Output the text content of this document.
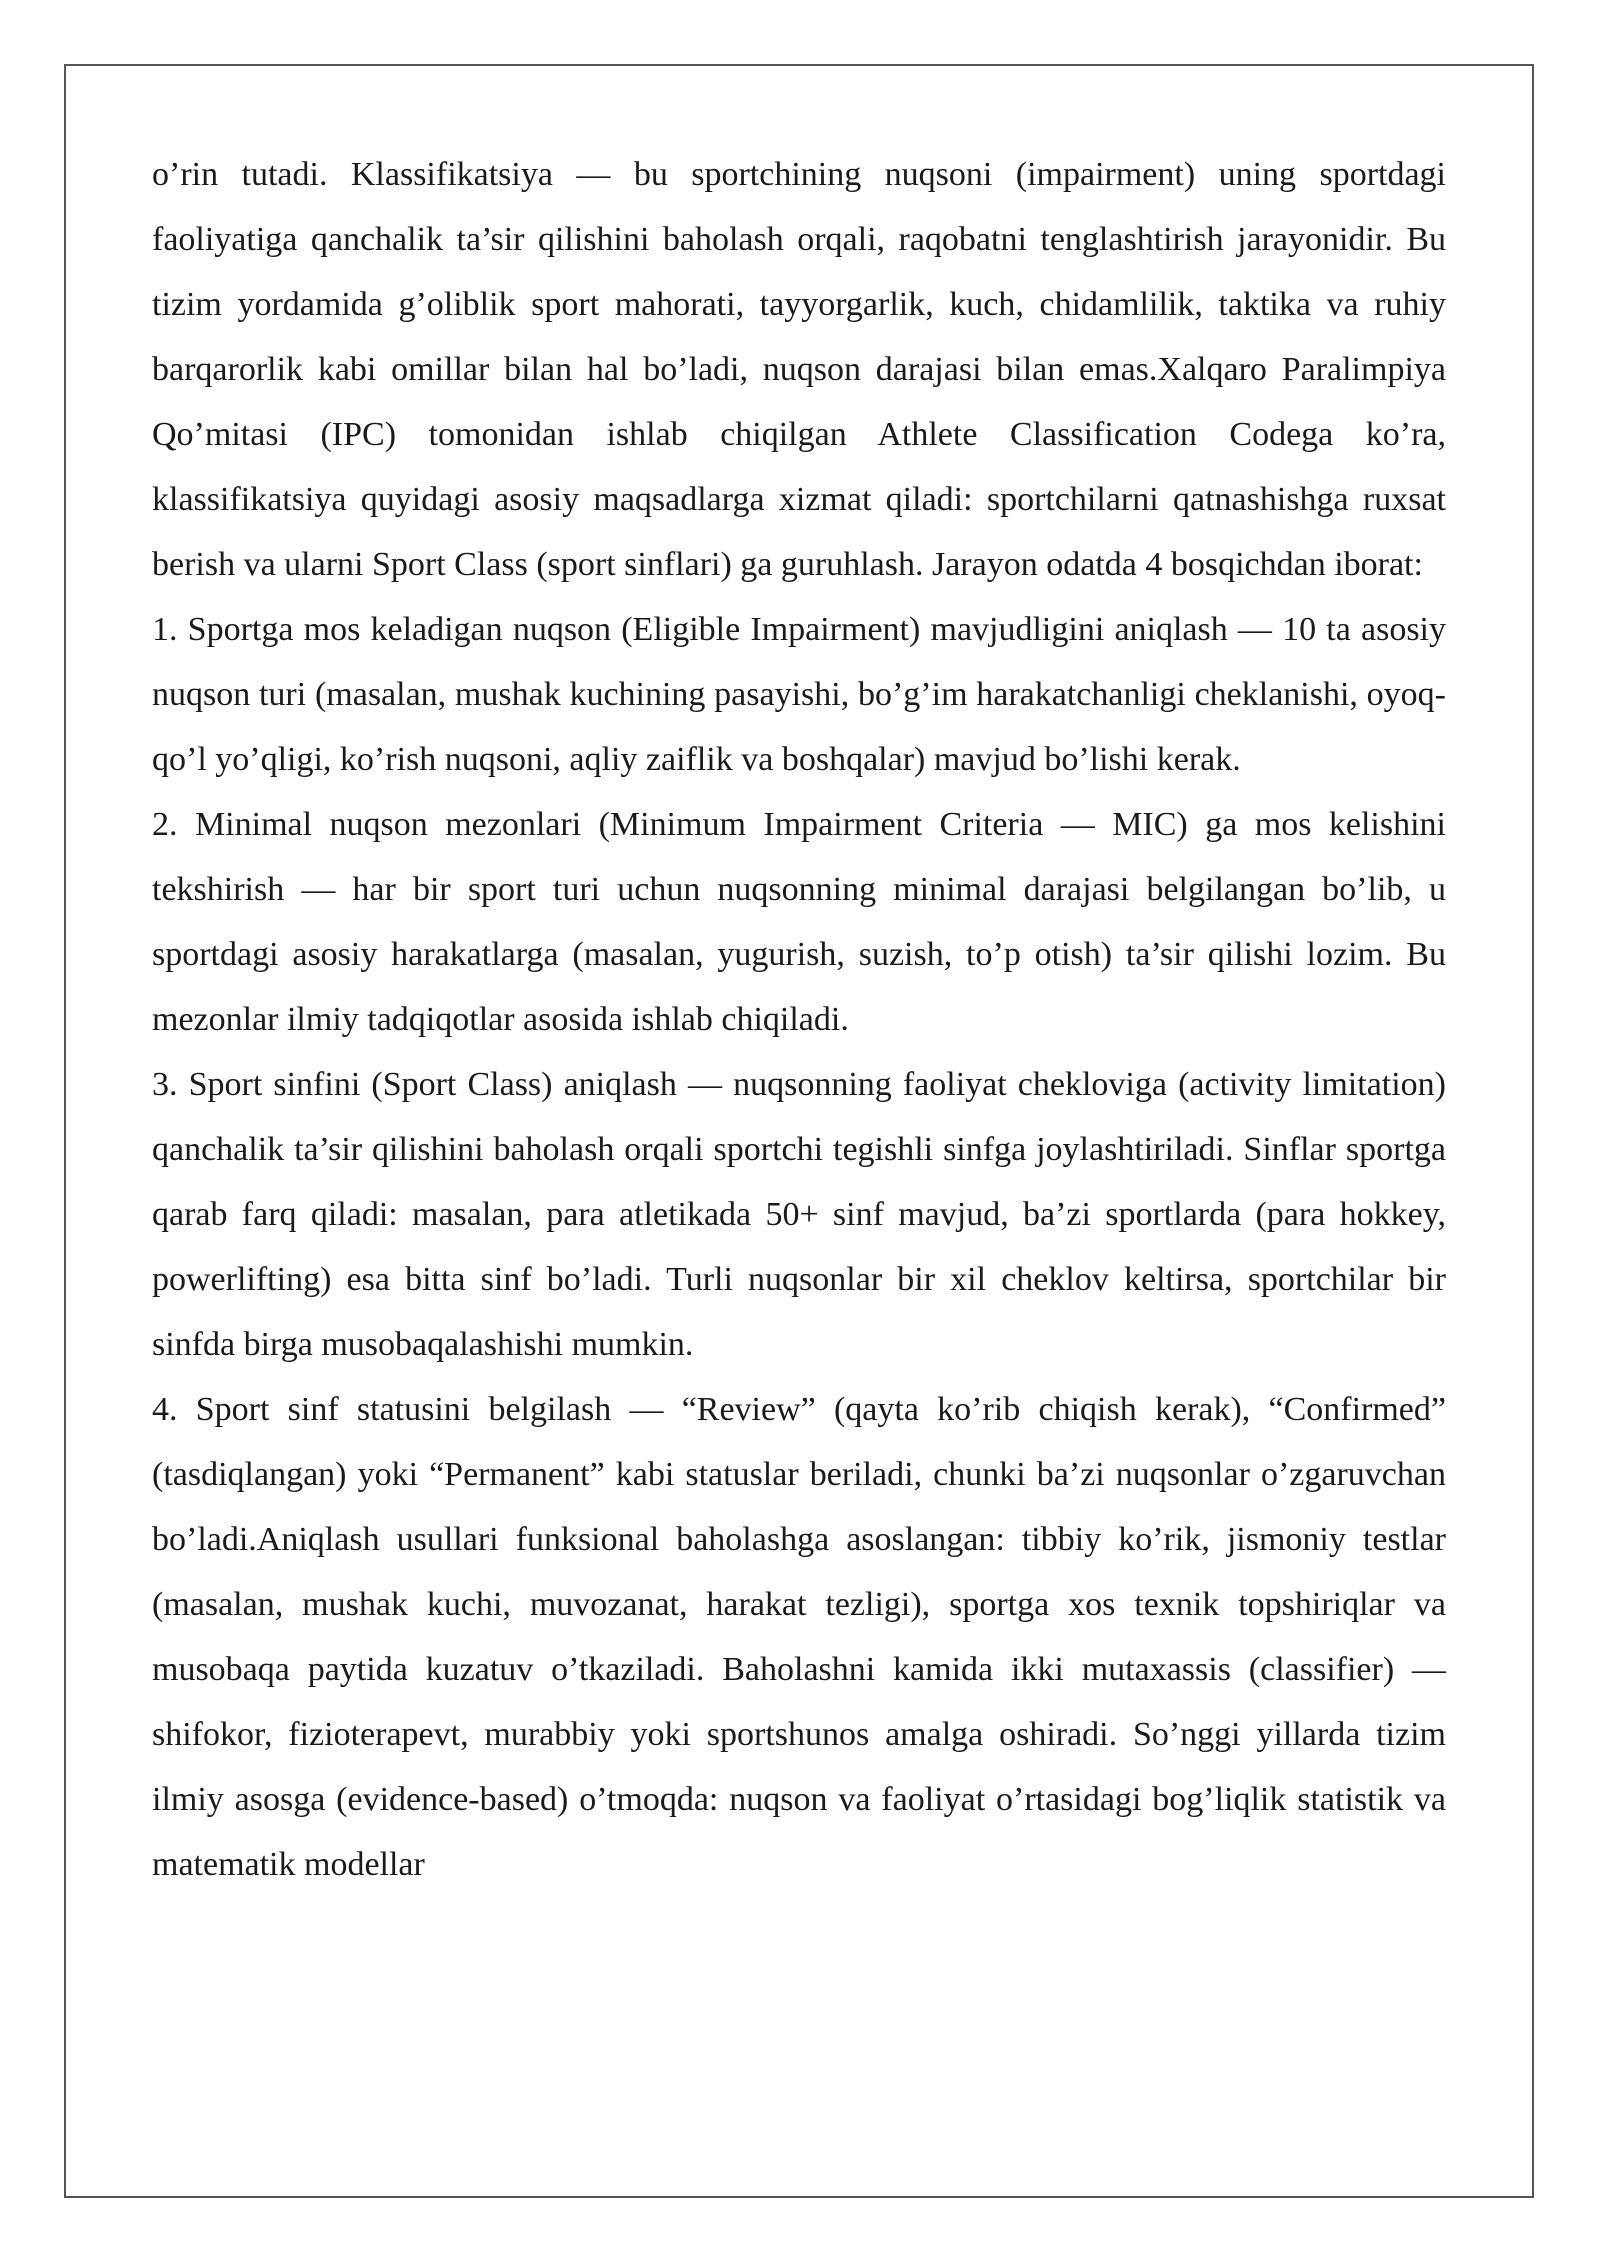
o’rin tutadi. Klassifikatsiya — bu sportchining nuqsoni (impairment) uning sportdagi faoliyatiga qanchalik ta’sir qilishini baholash orqali, raqobatni tenglashtirish jarayonidir. Bu tizim yordamida g’oliblik sport mahorati, tayyorgarlik, kuch, chidamlilik, taktika va ruhiy barqarorlik kabi omillar bilan hal bo’ladi, nuqson darajasi bilan emas.Xalqaro Paralimpiya Qo’mitasi (IPC) tomonidan ishlab chiqilgan Athlete Classification Codega ko’ra, klassifikatsiya quyidagi asosiy maqsadlarga xizmat qiladi: sportchilarni qatnashishga ruxsat berish va ularni Sport Class (sport sinflari) ga guruhlash. Jarayon odatda 4 bosqichdan iborat:

1. Sportga mos keladigan nuqson (Eligible Impairment) mavjudligini aniqlash — 10 ta asosiy nuqson turi (masalan, mushak kuchining pasayishi, bo’g’im harakatchanligi cheklanishi, oyoq-qo’l yo’qligi, ko’rish nuqsoni, aqliy zaiflik va boshqalar) mavjud bo’lishi kerak.

2. Minimal nuqson mezonlari (Minimum Impairment Criteria — MIC) ga mos kelishini tekshirish — har bir sport turi uchun nuqsonning minimal darajasi belgilangan bo’lib, u sportdagi asosiy harakatlarga (masalan, yugurish, suzish, to’p otish) ta’sir qilishi lozim. Bu mezonlar ilmiy tadqiqotlar asosida ishlab chiqiladi.

3. Sport sinfini (Sport Class) aniqlash — nuqsonning faoliyat chekloviga (activity limitation) qanchalik ta’sir qilishini baholash orqali sportchi tegishli sinfga joylashtiriladi. Sinflar sportga qarab farq qiladi: masalan, para atletikada 50+ sinf mavjud, ba’zi sportlarda (para hokkey, powerlifting) esa bitta sinf bo’ladi. Turli nuqsonlar bir xil cheklov keltirsa, sportchilar bir sinfda birga musobaqalashishi mumkin.

4. Sport sinf statusini belgilash — “Review” (qayta ko’rib chiqish kerak), “Confirmed” (tasdiqlangan) yoki “Permanent” kabi statuslar beriladi, chunki ba’zi nuqsonlar o’zgaruvchan bo’ladi.Aniqlash usullari funksional baholashga asoslangan: tibbiy ko’rik, jismoniy testlar (masalan, mushak kuchi, muvozanat, harakat tezligi), sportga xos texnik topshiriqlar va musobaqa paytida kuzatuv o’tkaziladi. Baholashni kamida ikki mutaxassis (classifier) — shifokor, fizioterapevt, murabbiy yoki sportshunos amalga oshiradi. So’nggi yillarda tizim ilmiy asosga (evidence-based) o’tmoqda: nuqson va faoliyat o’rtasidagi bog’liqlik statistik va matematik modellar
